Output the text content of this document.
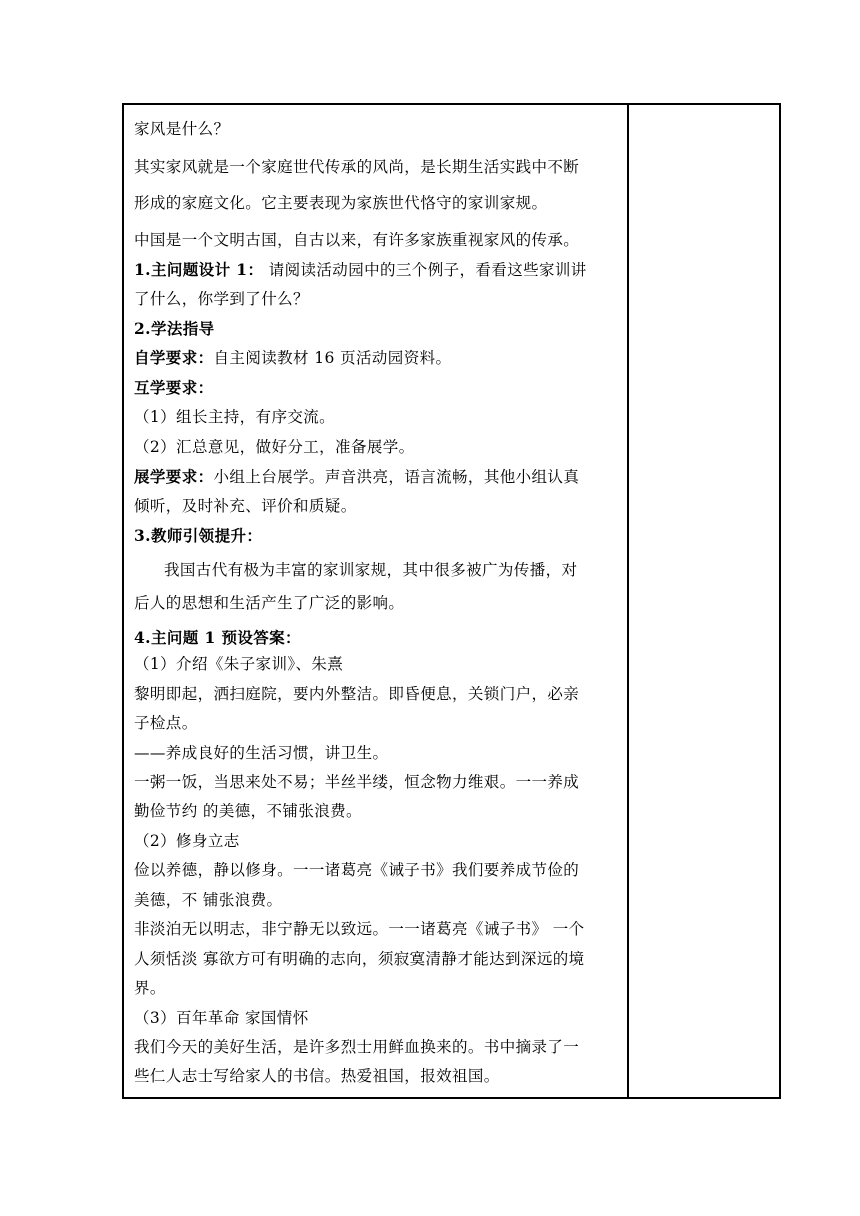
家风是什么？
其实家风就是一个家庭世代传承的风尚，是长期生活实践中不断
形成的家庭文化。它主要表现为家族世代恪守的家训家规。
中国是一个文明古国，自古以来，有许多家族重视家风的传承。
1.主问题设计 1： 请阅读活动园中的三个例子，看看这些家训讲
了什么，你学到了什么？
2.学法指导
自学要求：自主阅读教材 16 页活动园资料。
互学要求：
（1）组长主持，有序交流。
（2）汇总意见，做好分工，准备展学。
展学要求：小组上台展学。声音洪亮，语言流畅，其他小组认真
倾听，及时补充、评价和质疑。
3.教师引领提升：
我国古代有极为丰富的家训家规，其中很多被广为传播，对
后人的思想和生活产生了广泛的影响。
4.主问题 1 预设答案：
（1）介绍《朱子家训》、朱熹
黎明即起，洒扫庭院，要内外整洁。即昏便息，关锁门户，必亲
子检点。
——养成良好的生活习惯，讲卫生。
一粥一饭，当思来处不易；半丝半缕，恒念物力维艰。一一养成
勤俭节约 的美德，不铺张浪费。
（2）修身立志
俭以养德，静以修身。一一诸葛亮《诫子书》我们要养成节俭的
美德，不 铺张浪费。
非淡泊无以明志，非宁静无以致远。一一诸葛亮《诫子书》 一个
人须恬淡 寡欲方可有明确的志向，须寂寞清静才能达到深远的境
界。
（3）百年革命 家国情怀
我们今天的美好生活，是许多烈士用鲜血换来的。书中摘录了一
些仁人志士写给家人的书信。热爱祖国，报效祖国。
